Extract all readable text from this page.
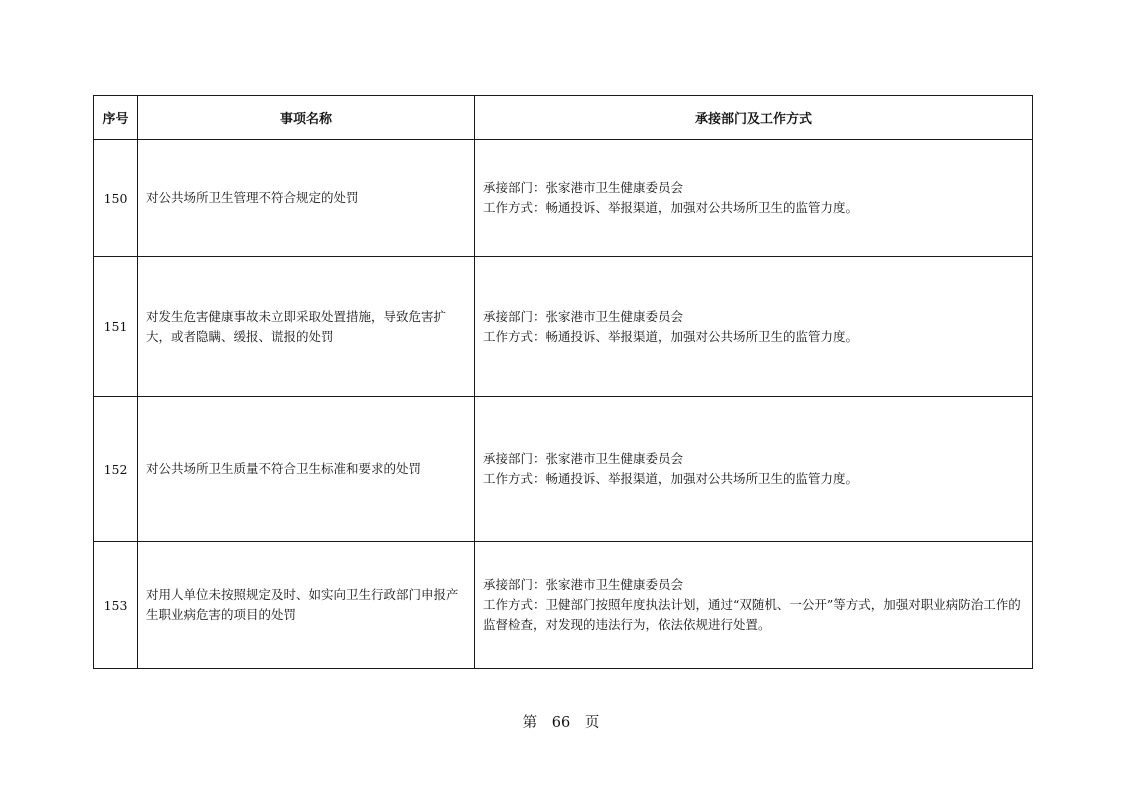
序号	事项名称	承接部门及工作方式
150	对公共场所卫生管理不符合规定的处罚	承接部门：张家港市卫生健康委员会
工作方式：畅通投诉、举报渠道，加强对公共场所卫生的监管力度。

151	对发生危害健康事故未立即采取处置措施，导致危害扩大，或者隐瞒、缓报、谎报的处罚	承接部门：张家港市卫生健康委员会
工作方式：畅通投诉、举报渠道，加强对公共场所卫生的监管力度。

152	对公共场所卫生质量不符合卫生标准和要求的处罚	承接部门：张家港市卫生健康委员会
工作方式：畅通投诉、举报渠道，加强对公共场所卫生的监管力度。

153	对用人单位未按照规定及时、如实向卫生行政部门申报产生职业病危害的项目的处罚	承接部门：张家港市卫生健康委员会
工作方式：卫健部门按照年度执法计划，通过“双随机、一公开”等方式，加强对职业病防治工作的监督检查，对发现的违法行为，依法依规进行处置。
第 66 页
